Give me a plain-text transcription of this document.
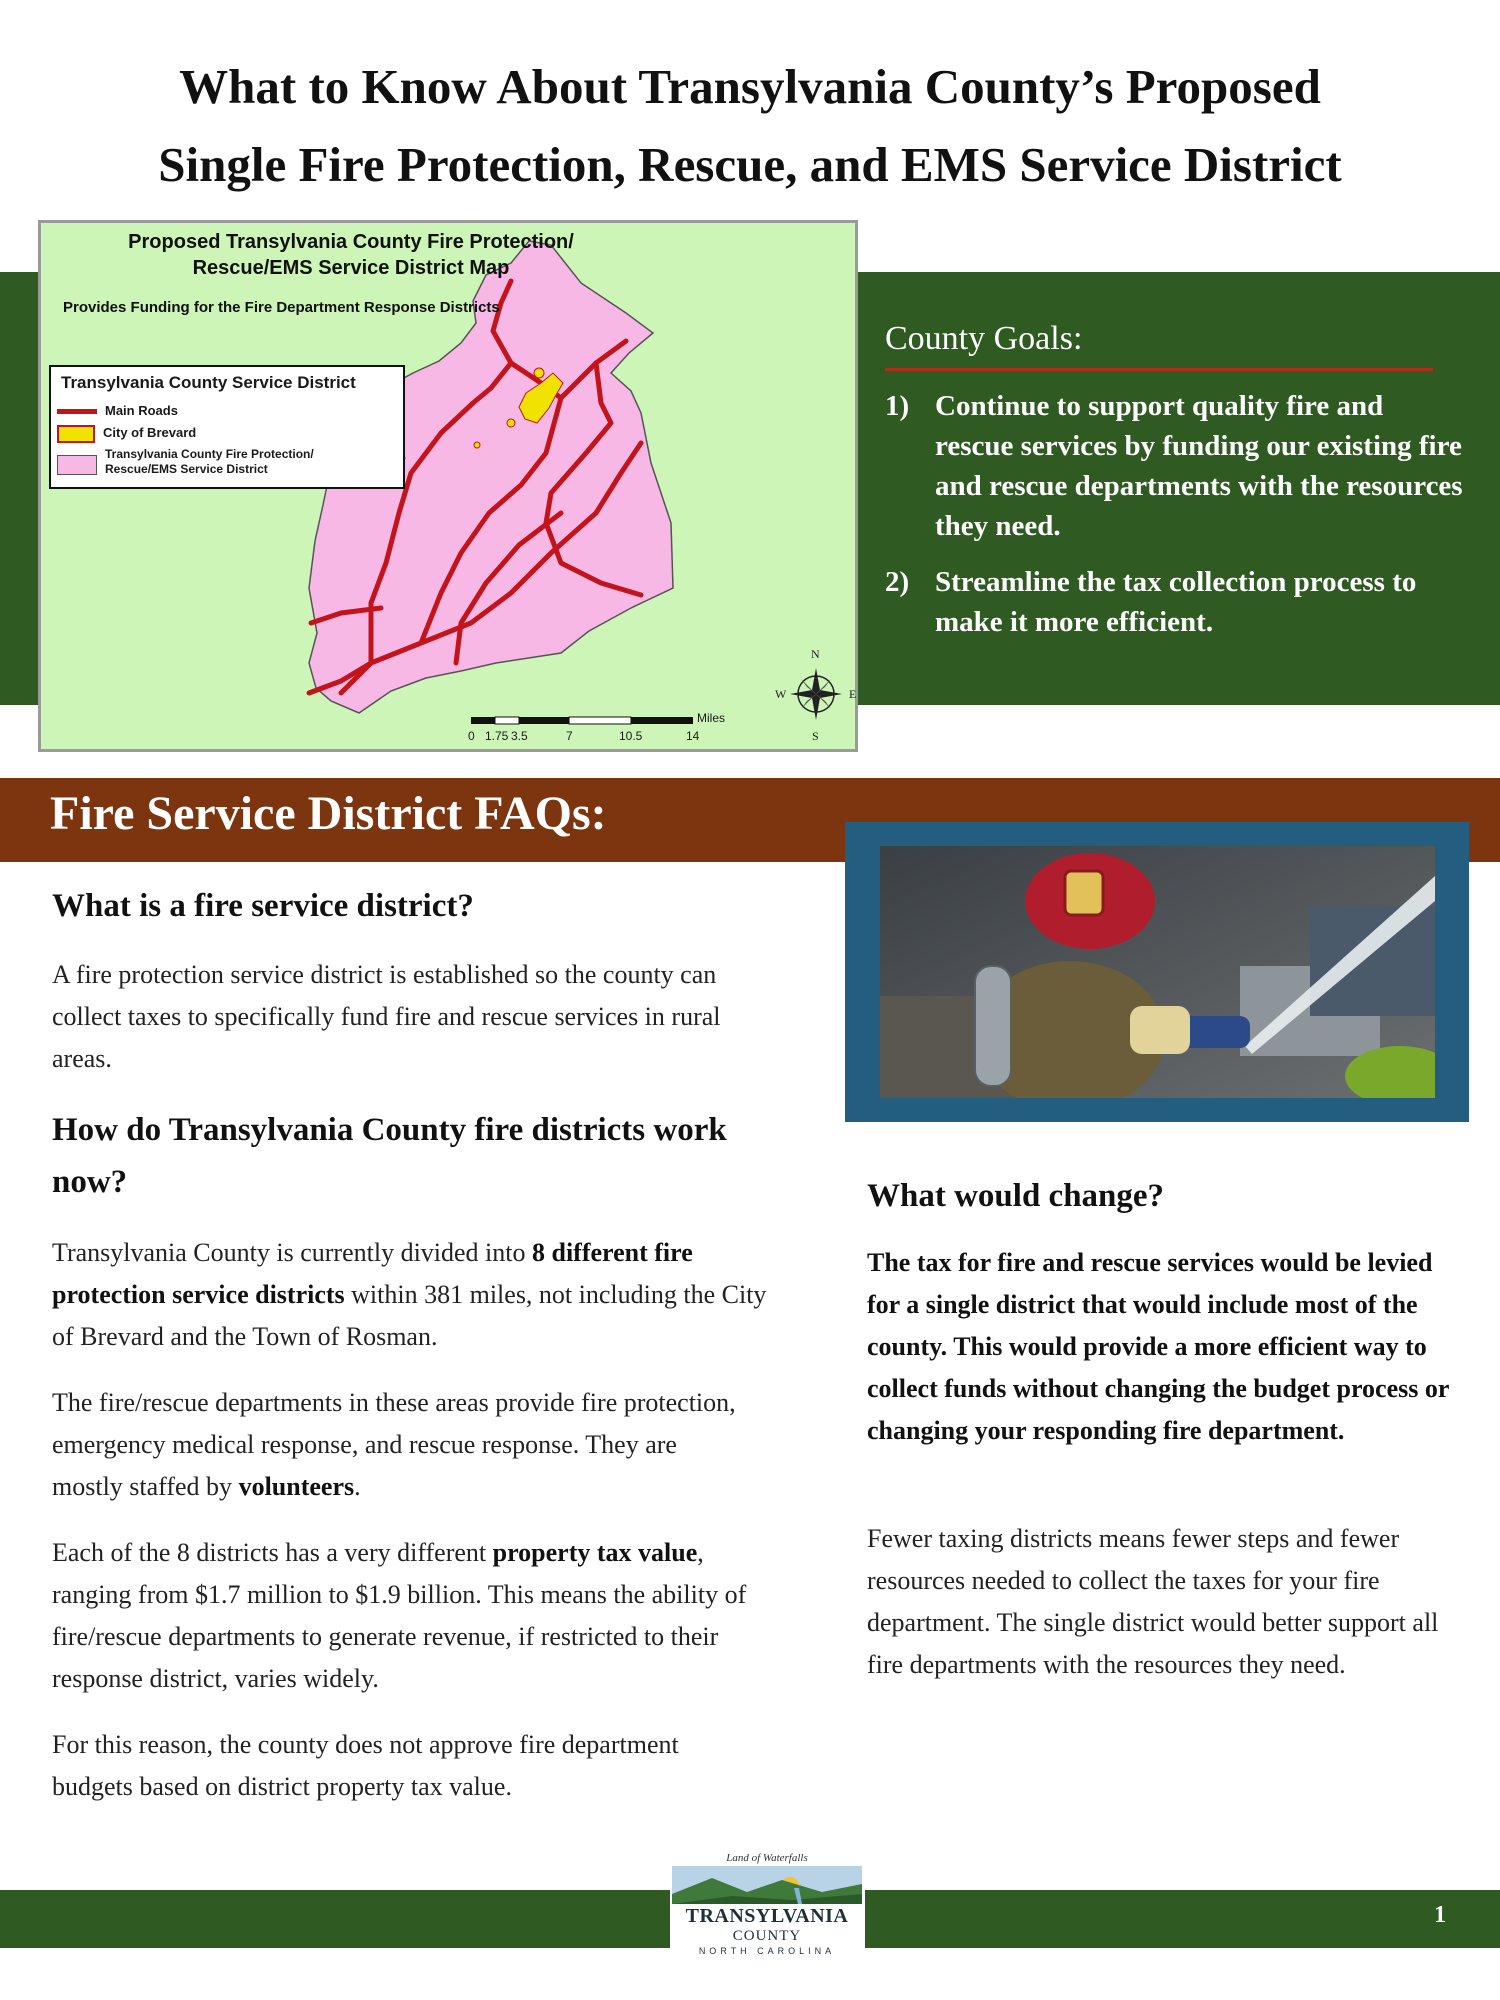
What to Know About Transylvania County’s Proposed
Single Fire Protection, Rescue, and EMS Service District
Proposed Transylvania County Fire Protection/
Rescue/EMS Service District Map
Provides Funding for the Fire Department Response Districts
Transylvania County Service District
Main Roads
City of Brevard
Transylvania County Fire Protection/
Rescue/EMS Service District
N
S
W	E
Miles
0 1.75 3.5	7	10.5	14
County Goals:
1) Continue to support quality fire and rescue services by funding our existing fire and rescue departments with the resources they need.
2) Streamline the tax collection process to make it more efficient.
Fire Service District FAQs:
What is a fire service district?
A fire protection service district is established so the county can collect taxes to specifically fund fire and rescue services in rural areas.
How do Transylvania County fire districts work now?
Transylvania County is currently divided into 8 different fire protection service districts within 381 miles, not including the City of Brevard and the Town of Rosman.
The fire/rescue departments in these areas provide fire protection, emergency medical response, and rescue response. They are mostly staffed by volunteers.
Each of the 8 districts has a very different property tax value, ranging from $1.7 million to $1.9 billion. This means the ability of fire/rescue departments to generate revenue, if restricted to their response district, varies widely.
For this reason, the county does not approve fire department budgets based on district property tax value.
What would change?
The tax for fire and rescue services would be levied for a single district that would include most of the county. This would provide a more efficient way to collect funds without changing the budget process or changing your responding fire department.
Fewer taxing districts means fewer steps and fewer resources needed to collect the taxes for your fire department. The single district would better support all fire departments with the resources they need.
1
Land of Waterfalls
TRANSYLVANIA
COUNTY
NORTH CAROLINA
